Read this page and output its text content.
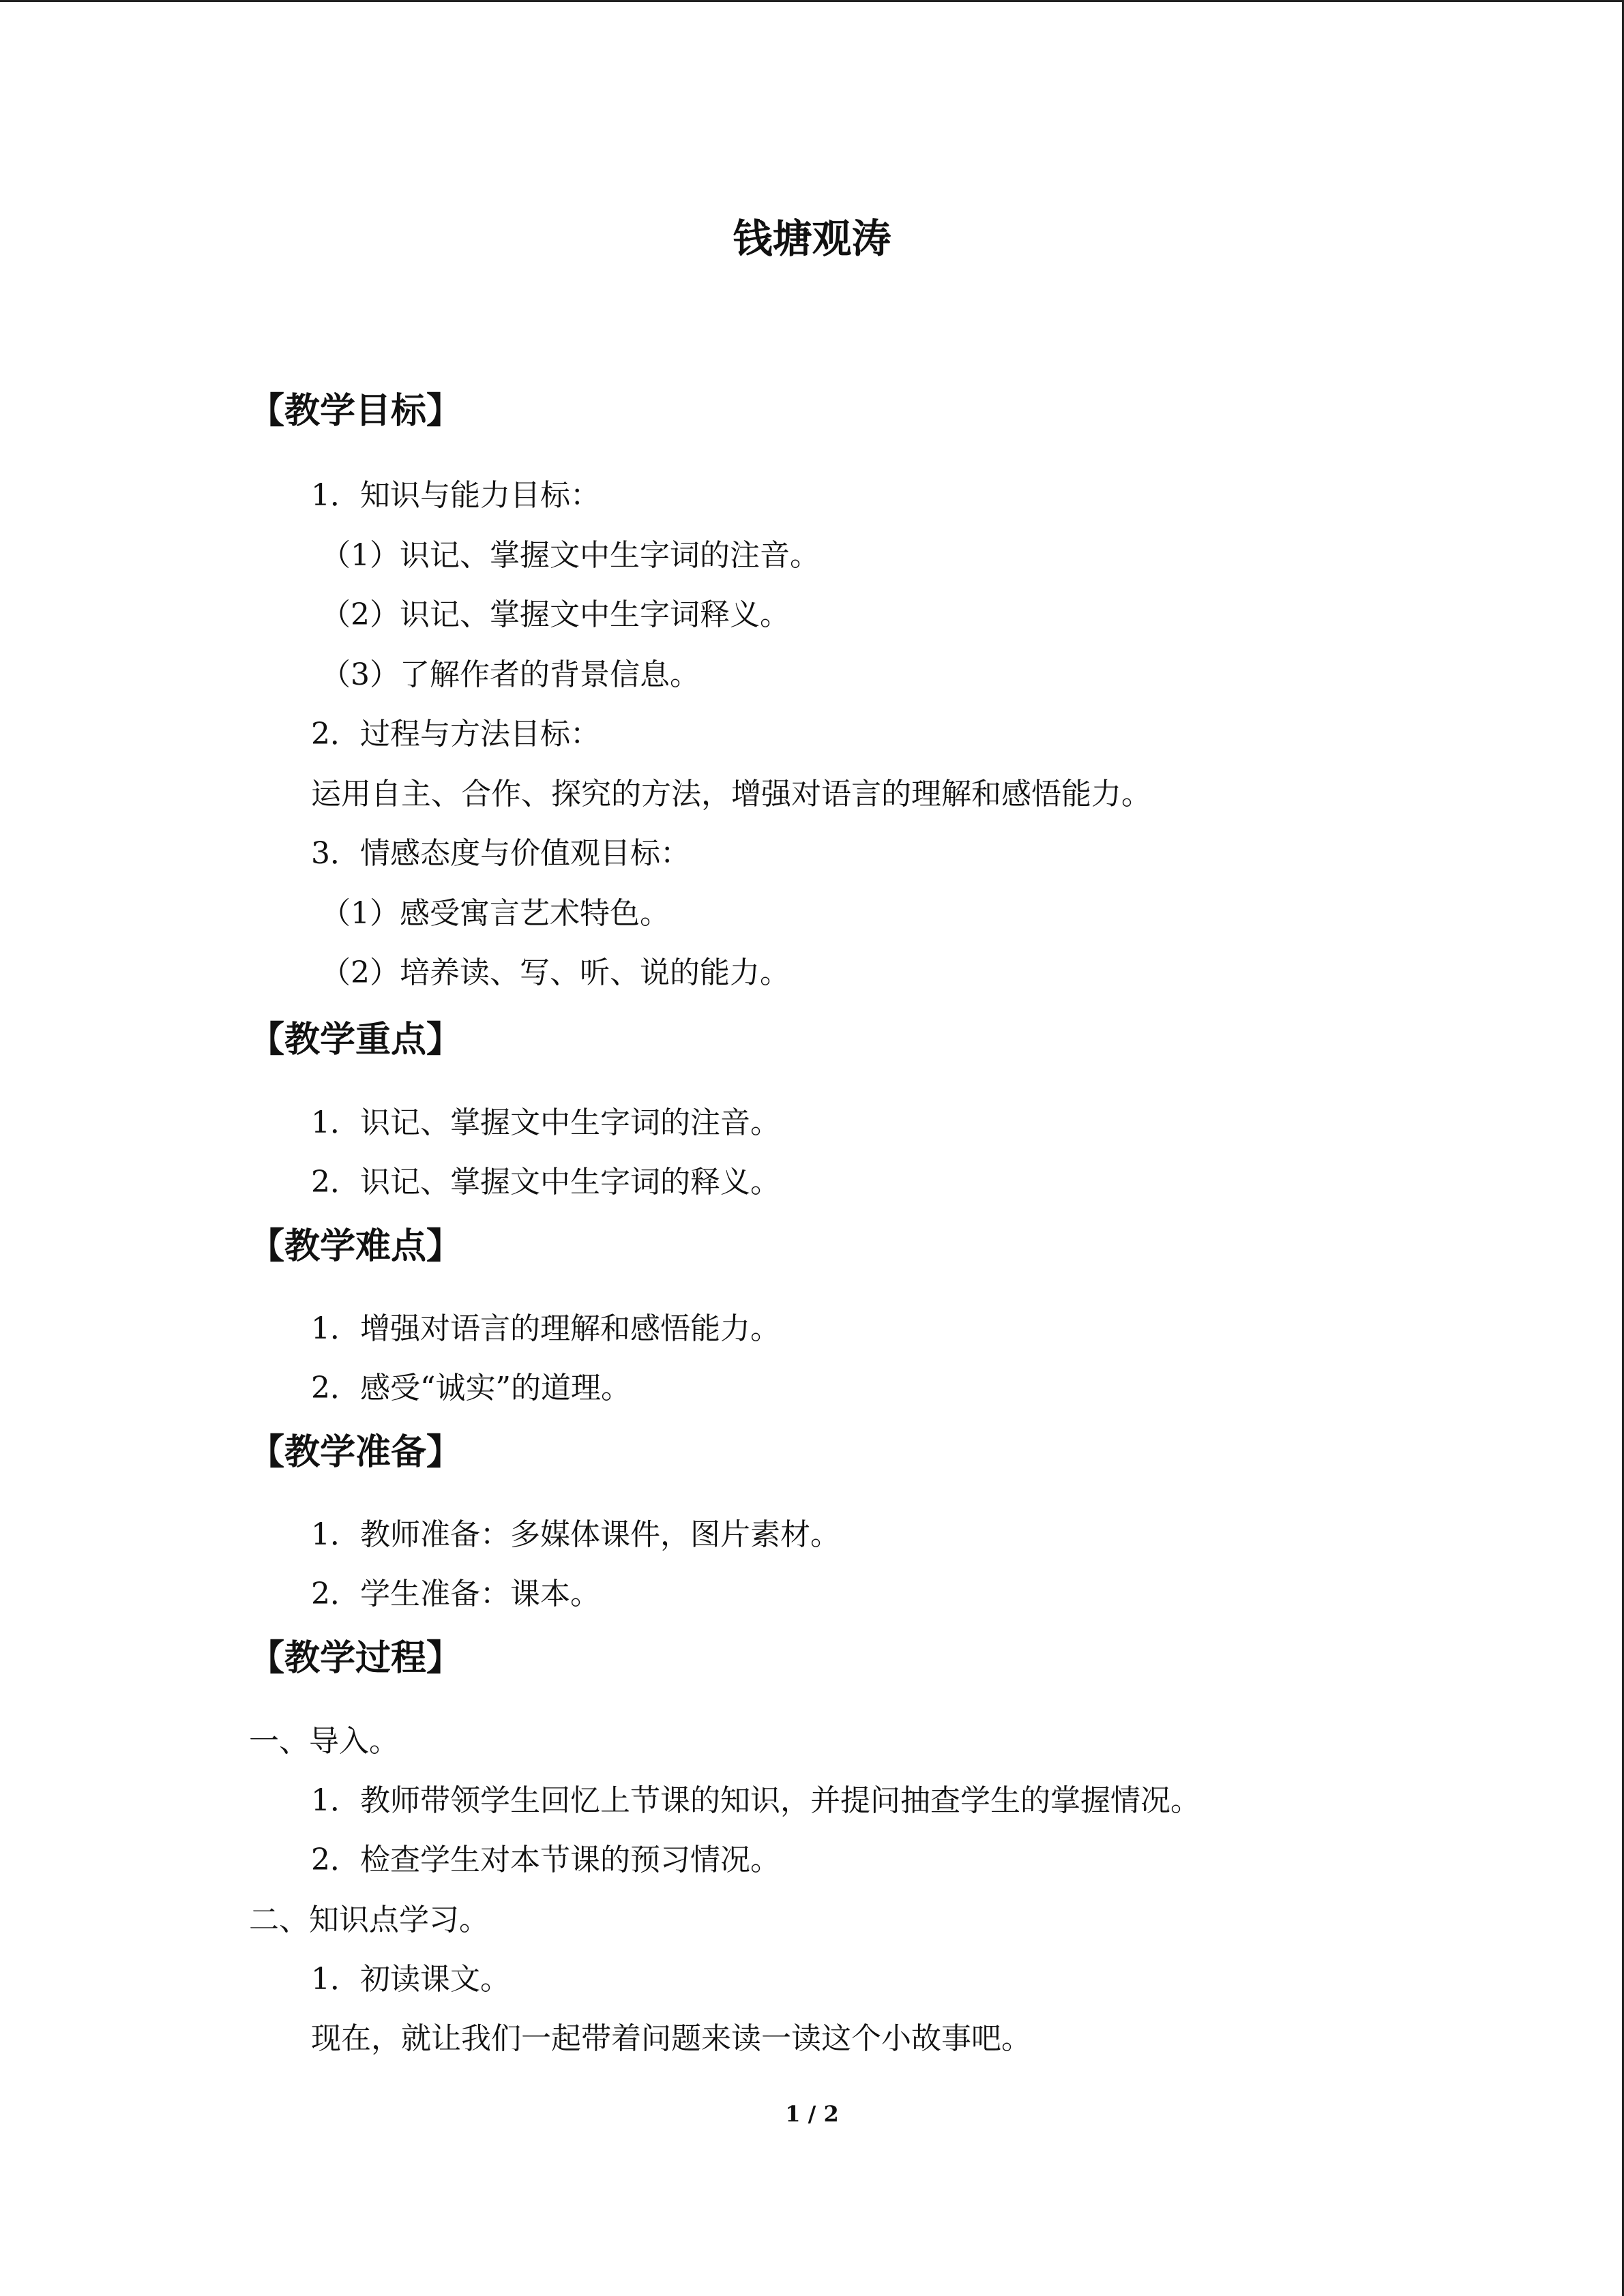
钱塘观涛
【教学目标】
1．知识与能力目标：
（1）识记、掌握文中生字词的注音。
（2）识记、掌握文中生字词释义。
（3）了解作者的背景信息。
2．过程与方法目标：
运用自主、合作、探究的方法，增强对语言的理解和感悟能力。
3．情感态度与价值观目标：
（1）感受寓言艺术特色。
（2）培养读、写、听、说的能力。
【教学重点】
1．识记、掌握文中生字词的注音。
2．识记、掌握文中生字词的释义。
【教学难点】
1．增强对语言的理解和感悟能力。
2．感受“诚实”的道理。
【教学准备】
1．教师准备：多媒体课件，图片素材。
2．学生准备：课本。
【教学过程】
一、导入。
1．教师带领学生回忆上节课的知识，并提问抽查学生的掌握情况。
2．检查学生对本节课的预习情况。
二、知识点学习。
1．初读课文。
现在，就让我们一起带着问题来读一读这个小故事吧。
1 / 2
